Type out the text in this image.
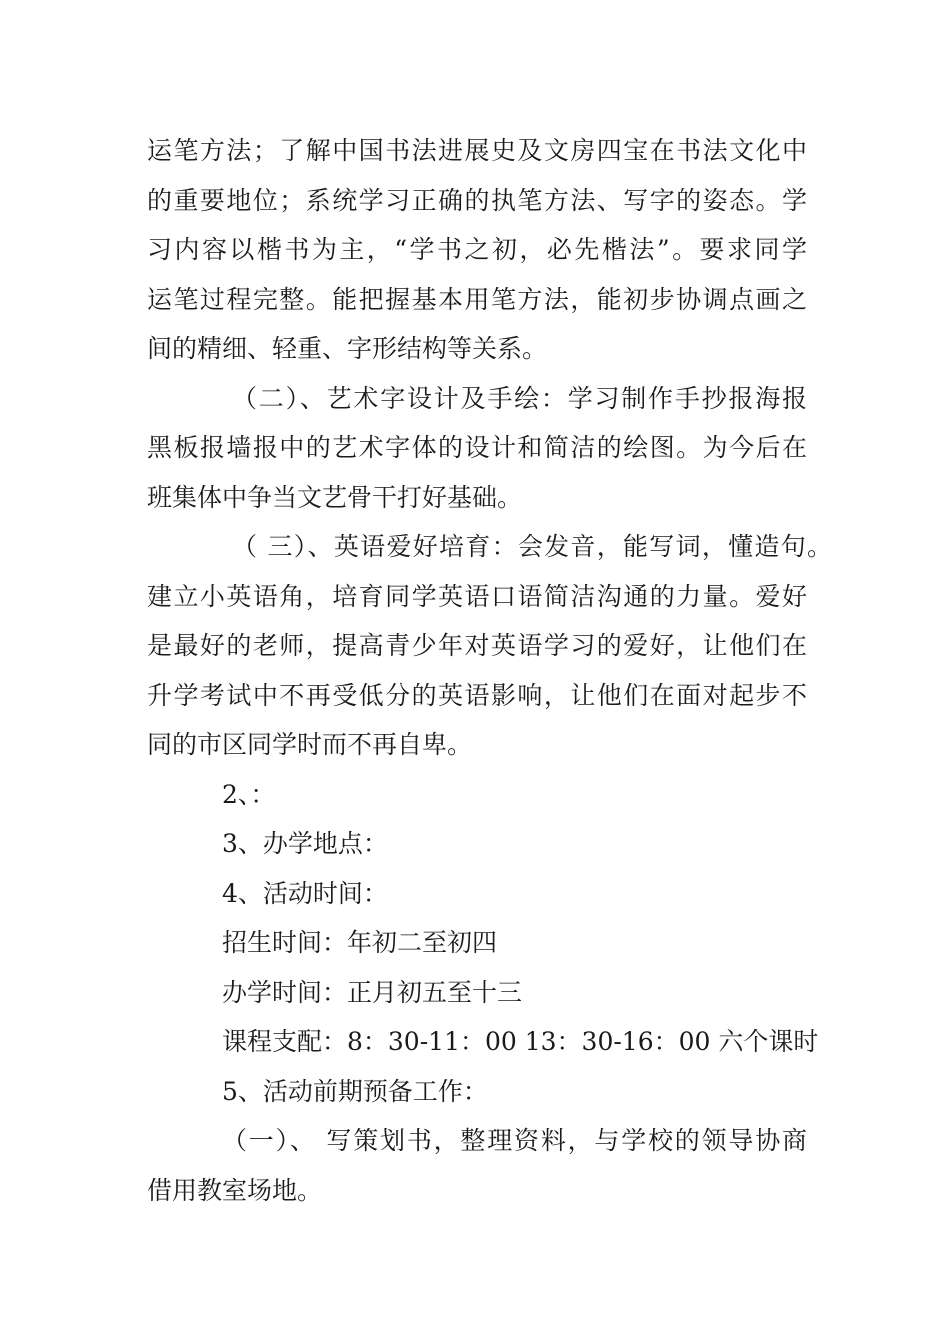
运笔方法；了解中国书法进展史及文房四宝在书法文化中
的重要地位；系统学习正确的执笔方法、写字的姿态。学
习内容以楷书为主，“学书之初，必先楷法”。要求同学
运笔过程完整。能把握基本用笔方法，能初步协调点画之
间的精细、轻重、字形结构等关系。
（二）、艺术字设计及手绘：学习制作手抄报海报
黑板报墙报中的艺术字体的设计和简洁的绘图。为今后在
班集体中争当文艺骨干打好基础。
（ 三）、英语爱好培育：会发音，能写词，懂造句。
建立小英语角，培育同学英语口语简洁沟通的力量。爱好
是最好的老师，提高青少年对英语学习的爱好，让他们在
升学考试中不再受低分的英语影响，让他们在面对起步不
同的市区同学时而不再自卑。
2、：
3、办学地点：
4、活动时间：
招生时间：年初二至初四
办学时间：正月初五至十三
课程支配：8：30-11：00 13：30-16：00 六个课时
5、活动前期预备工作：
（一）、 写策划书，整理资料，与学校的领导协商
借用教室场地。
